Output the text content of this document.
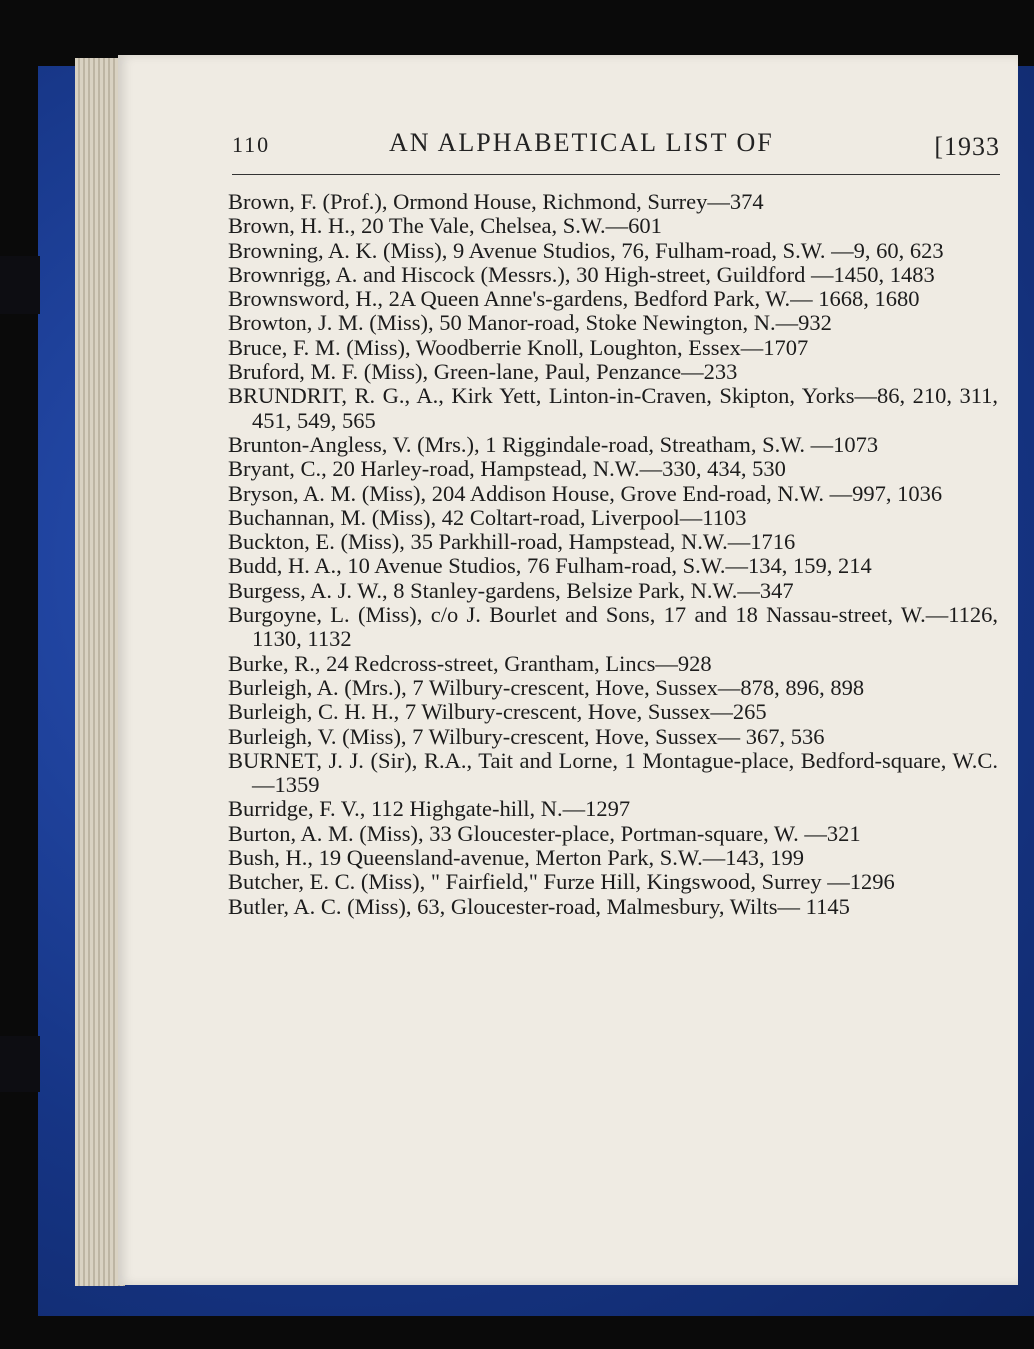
110	AN ALPHABETICAL LIST OF	[1933

Brown, F. (Prof.), Ormond House, Richmond, Surrey—374

Brown, H. H., 20 The Vale, Chelsea, S.W.—601

Browning, A. K. (Miss), 9 Avenue Studios, 76, Fulham-road, S.W. —9, 60, 623

Brownrigg, A. and Hiscock (Messrs.), 30 High-street, Guildford —1450, 1483

Brownsword, H., 2A Queen Anne's-gardens, Bedford Park, W.— 1668, 1680

Browton, J. M. (Miss), 50 Manor-road, Stoke Newington, N.—932

Bruce, F. M. (Miss), Woodberrie Knoll, Loughton, Essex—1707

Bruford, M. F. (Miss), Green-lane, Paul, Penzance—233

BRUNDRIT, R. G., A., Kirk Yett, Linton-in-Craven, Skipton, Yorks—86, 210, 311, 451, 549, 565

Brunton-Angless, V. (Mrs.), 1 Riggindale-road, Streatham, S.W. —1073

Bryant, C., 20 Harley-road, Hampstead, N.W.—330, 434, 530

Bryson, A. M. (Miss), 204 Addison House, Grove End-road, N.W. —997, 1036

Buchannan, M. (Miss), 42 Coltart-road, Liverpool—1103

Buckton, E. (Miss), 35 Parkhill-road, Hampstead, N.W.—1716

Budd, H. A., 10 Avenue Studios, 76 Fulham-road, S.W.—134, 159, 214

Burgess, A. J. W., 8 Stanley-gardens, Belsize Park, N.W.—347

Burgoyne, L. (Miss), c/o J. Bourlet and Sons, 17 and 18 Nassau-street, W.—1126, 1130, 1132

Burke, R., 24 Redcross-street, Grantham, Lincs—928

Burleigh, A. (Mrs.), 7 Wilbury-crescent, Hove, Sussex—878, 896, 898

Burleigh, C. H. H., 7 Wilbury-crescent, Hove, Sussex—265

Burleigh, V. (Miss), 7 Wilbury-crescent, Hove, Sussex— 367, 536

BURNET, J. J. (Sir), R.A., Tait and Lorne, 1 Montague-place, Bedford-square, W.C.—1359

Burridge, F. V., 112 Highgate-hill, N.—1297

Burton, A. M. (Miss), 33 Gloucester-place, Portman-square, W. —321

Bush, H., 19 Queensland-avenue, Merton Park, S.W.—143, 199

Butcher, E. C. (Miss), " Fairfield," Furze Hill, Kingswood, Surrey —1296

Butler, A. C. (Miss), 63, Gloucester-road, Malmesbury, Wilts— 1145
